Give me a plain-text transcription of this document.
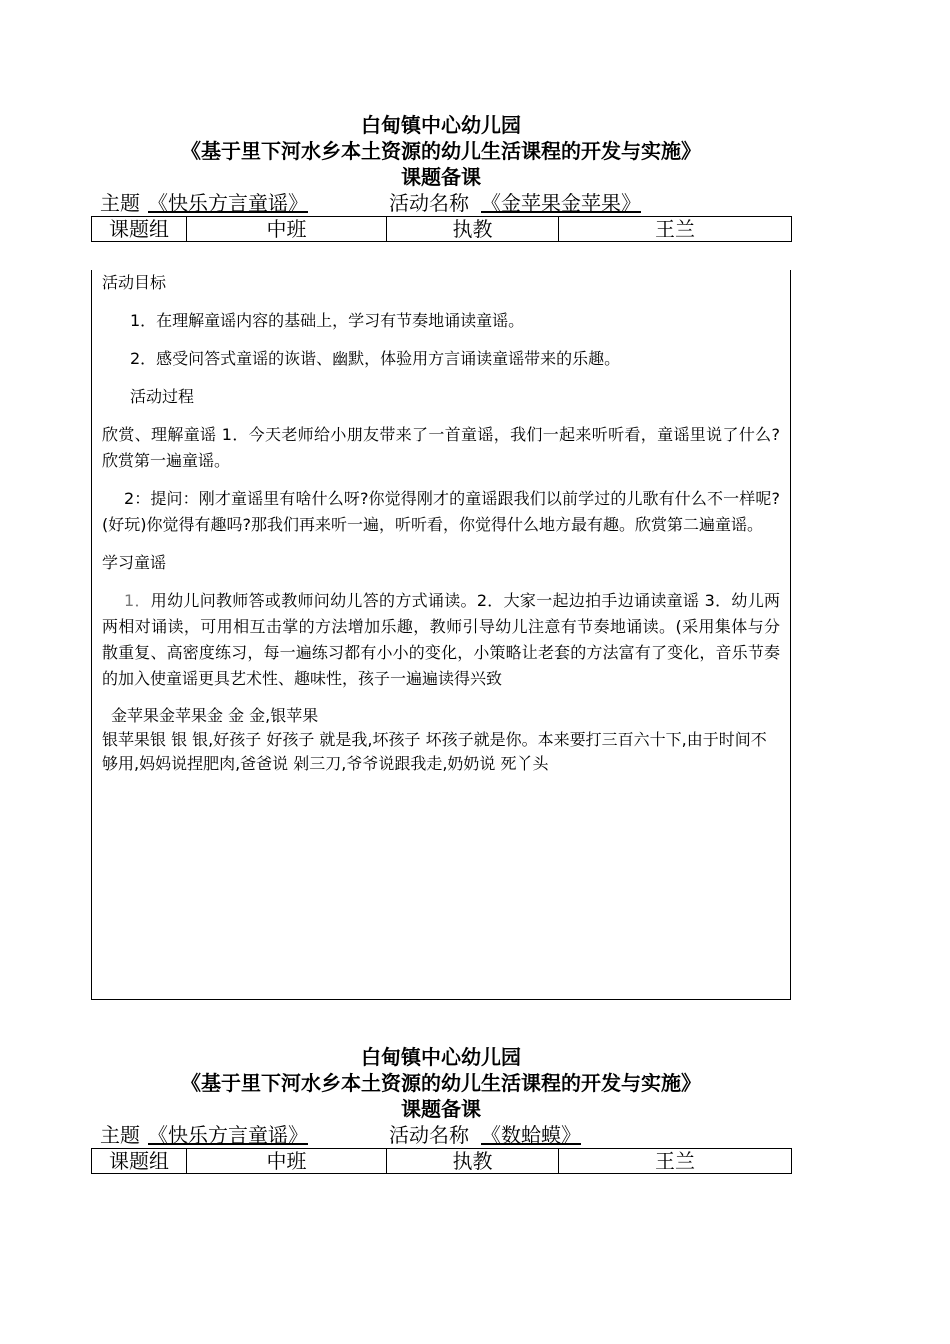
白甸镇中心幼儿园

《基于里下河水乡本土资源的幼儿生活课程的开发与实施》

课题备课

主题 《快乐方言童谣》	活动名称 《金苹果金苹果》
课题组	中班	执教	王兰

活动目标

1．在理解童谣内容的基础上，学习有节奏地诵读童谣。

2．感受问答式童谣的诙谐、幽默，体验用方言诵读童谣带来的乐趣。

活动过程

欣赏、理解童谣 1．今天老师给小朋友带来了一首童谣，我们一起来听听看，童谣里说了什么?欣赏第一遍童谣。

2：提问：刚才童谣里有啥什么呀?你觉得刚才的童谣跟我们以前学过的儿歌有什么不一样呢?(好玩)你觉得有趣吗?那我们再来听一遍，听听看，你觉得什么地方最有趣。欣赏第二遍童谣。

学习童谣

1．用幼儿问教师答或教师问幼儿答的方式诵读。2．大家一起边拍手边诵读童谣 3．幼儿两两相对诵读，可用相互击掌的方法增加乐趣，教师引导幼儿注意有节奏地诵读。(采用集体与分散重复、高密度练习，每一遍练习都有小小的变化，小策略让老套的方法富有了变化，音乐节奏的加入使童谣更具艺术性、趣味性，孩子一遍遍读得兴致

金苹果金苹果金 金 金,银苹果

银苹果银 银 银,好孩子 好孩子 就是我,坏孩子 坏孩子就是你。本来要打三百六十下,由于时间不够用,妈妈说捏肥肉,爸爸说 剁三刀,爷爷说跟我走,奶奶说 死丫头

白甸镇中心幼儿园

《基于里下河水乡本土资源的幼儿生活课程的开发与实施》

课题备课

主题 《快乐方言童谣》	活动名称 《数蛤蟆》
课题组	中班	执教	王兰
